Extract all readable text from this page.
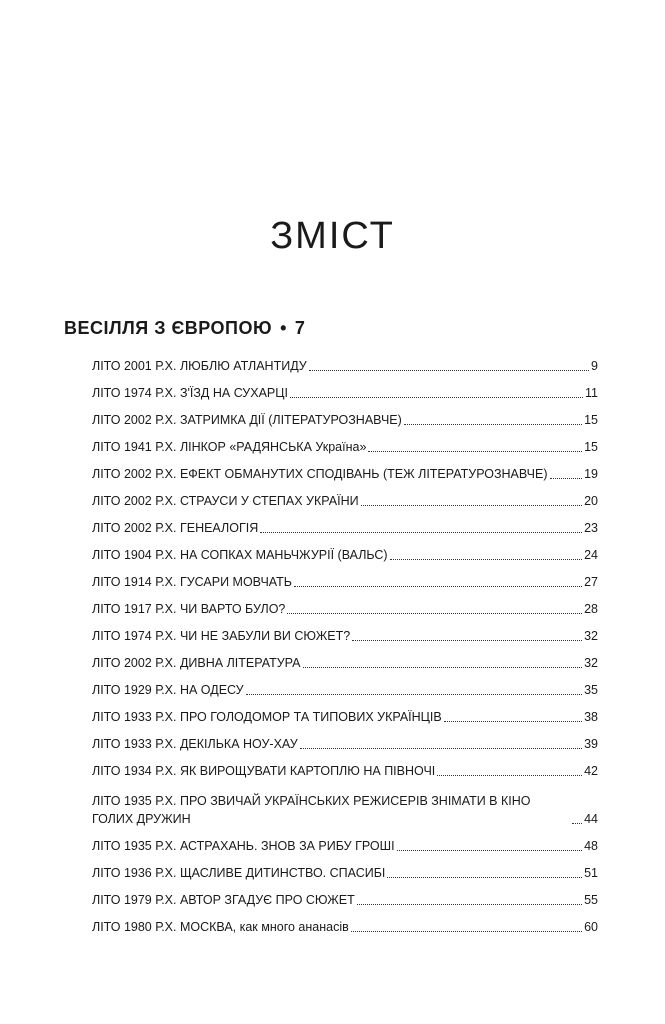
ЗМІСТ
ВЕСІЛЛЯ З ЄВРОПОЮ • 7
ЛІТО 2001 Р.Х. ЛЮБЛЮ АТЛАНТИДУ	9
ЛІТО 1974 Р.Х. З'ЇЗД НА СУХАРЦІ	11
ЛІТО 2002 Р.Х. ЗАТРИМКА ДІЇ (ЛІТЕРАТУРОЗНАВЧЕ)	15
ЛІТО 1941 Р.Х. ЛІНКОР «РАДЯНСЬКА Україна»	15
ЛІТО 2002 Р.Х. ЕФЕКТ ОБМАНУТИХ СПОДІВАНЬ (ТЕЖ ЛІТЕРАТУРОЗНАВЧЕ)	19
ЛІТО 2002 Р.Х. СТРАУСИ У СТЕПАХ УКРАЇНИ	20
ЛІТО 2002 Р.Х. ГЕНЕАЛОГІЯ	23
ЛІТО 1904 Р.Х. НА СОПКАХ МАНЬЧЖУРІЇ (ВАЛЬС)	24
ЛІТО 1914 Р.Х. ГУСАРИ МОВЧАТЬ	27
ЛІТО 1917 Р.Х. ЧИ ВАРТО БУЛО?	28
ЛІТО 1974 Р.Х. ЧИ НЕ ЗАБУЛИ ВИ СЮЖЕТ?	32
ЛІТО 2002 Р.Х. ДИВНА ЛІТЕРАТУРА	32
ЛІТО 1929 Р.Х. НА ОДЕСУ	35
ЛІТО 1933 Р.Х. ПРО ГОЛОДОМОР ТА ТИПОВИХ УКРАЇНЦІВ	38
ЛІТО 1933 Р.Х. ДЕКІЛЬКА НОУ-ХАУ	39
ЛІТО 1934 Р.Х. ЯК ВИРОЩУВАТИ КАРТОПЛЮ НА ПІВНОЧІ	42
ЛІТО 1935 Р.Х. ПРО ЗВИЧАЙ УКРАЇНСЬКИХ РЕЖИСЕРІВ ЗНІМАТИ В КІНО ГОЛИХ ДРУЖИН	44
ЛІТО 1935 Р.Х. АСТРАХАНЬ. ЗНОВ ЗА РИБУ ГРОШІ	48
ЛІТО 1936 Р.Х. ЩАСЛИВЕ ДИТИНСТВО. СПАСИБІ	51
ЛІТО 1979 Р.Х. АВТОР ЗГАДУЄ ПРО СЮЖЕТ	55
ЛІТО 1980 Р.Х. МОСКВА, как много ананасів	60
